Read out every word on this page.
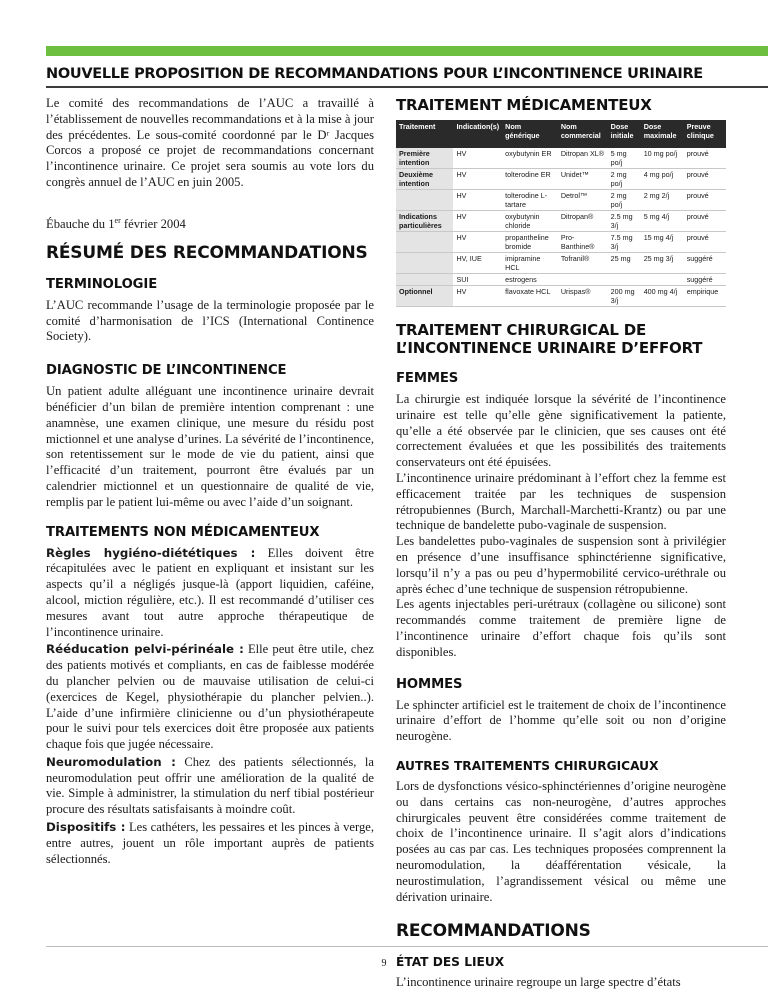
NOUVELLE PROPOSITION DE RECOMMANDATIONS POUR L’INCONTINENCE URINAIRE

Le comité des recommandations de l’AUC a travaillé à l’établissement de nouvelles recommandations et à la mise à jour des précédentes. Le sous-comité coordonné par le Dʳ Jacques Corcos a proposé ce projet de recommandations concernant l’incontinence urinaire. Ce projet sera soumis au vote lors du congrès annuel de l’AUC en juin 2005.

Ébauche du 1er février 2004

RÉSUMÉ DES RECOMMANDATIONS
TERMINOLOGIE

L’AUC recommande l’usage de la terminologie proposée par le comité d’harmonisation de l’ICS (International Continence Society).

DIAGNOSTIC DE L’INCONTINENCE

Un patient adulte alléguant une incontinence urinaire devrait bénéficier d’un bilan de première intention comprenant : une anamnèse, une examen clinique, une mesure du résidu post mictionnel et une analyse d’urines. La sévérité de l’incontinence, son retentissement sur le mode de vie du patient, ainsi que l’efficacité d’un traitement, pourront être évalués par un calendrier mictionnel et un questionnaire de qualité de vie, remplis par le patient lui-même ou avec l’aide d’un soignant.

TRAITEMENTS NON MÉDICAMENTEUX

Règles hygiéno-diététiques : Elles doivent être récapitulées avec le patient en expliquant et insistant sur les aspects qu’il a négligés jusque-là (apport liquidien, caféine, alcool, miction régulière, etc.). Il est recommandé d’utiliser ces mesures avant tout autre approche thérapeutique de l’incontinence urinaire.

Rééducation pelvi-périnéale : Elle peut être utile, chez des patients motivés et compliants, en cas de faiblesse modérée du plancher pelvien ou de mauvaise utilisation de celui-ci (exercices de Kegel, physiothérapie du plancher pelvien..). L’aide d’une infirmière clinicienne ou d’un physiothérapeute pour le suivi pour tels exercices doit être proposée aux patients chaque fois que jugée nécessaire.

Neuromodulation : Chez des patients sélectionnés, la neuromodulation peut offrir une amélioration de la qualité de vie. Simple à administrer, la stimulation du nerf tibial postérieur procure des résultats satisfaisants à moindre coût.

Dispositifs : Les cathéters, les pessaires et les pinces à verge, entre autres, jouent un rôle important auprès de patients sélectionnés.

TRAITEMENT MÉDICAMENTEUX
Traitement	Indication(s)	Nom générique	Nom commercial	Dose initiale	Dose maximale	Preuve clinique
Première intention	HV	oxybutynin ER	Ditropan XL®	5 mg po/j	10 mg po/j	prouvé
Deuxième intention	HV	tolterodine ER	Unidet™	2 mg po/j	4 mg po/j	prouvé
	HV	tolterodine L-tartare	Detrol™	2 mg po/j	2 mg 2/j	prouvé
Indications particulières	HV	oxybutynin chloride	Ditropan®	2.5 mg 3/j	5 mg 4/j	prouvé
	HV	propantheline bromide	Pro-Banthine®	7.5 mg 3/j	15 mg 4/j	prouvé
	HV, IUE	imipramine HCL	Tofranil®	25 mg	25 mg 3/j	suggéré
	SUI	estrogens				suggéré
Optionnel	HV	flavoxate HCL	Urispas®	200 mg 3/j	400 mg 4/j	empirique
TRAITEMENT CHIRURGICAL DE L’INCONTINENCE URINAIRE D’EFFORT
FEMMES

La chirurgie est indiquée lorsque la sévérité de l’incontinence urinaire est telle qu’elle gène significativement la patiente, qu’elle a été observée par le clinicien, que ses causes ont été correctement évaluées et que les possibilités des traitements conservateurs ont été épuisées.

L’incontinence urinaire prédominant à l’effort chez la femme est efficacement traitée par les techniques de suspension rétropubiennes (Burch, Marchall-Marchetti-Krantz) ou par une technique de bandelette pubo-vaginale de suspension.

Les bandelettes pubo-vaginales de suspension sont à privilégier en présence d’une insuffisance sphinctérienne significative, lorsqu’il n’y a pas ou peu d’hypermobilité cervico-uréthrale ou après échec d’une technique de suspension rétropubienne.

Les agents injectables peri-urétraux (collagène ou silicone) sont recommandés comme traitement de première ligne de l’incontinence urinaire d’effort chaque fois qu’ils sont disponibles.

HOMMES

Le sphincter artificiel est le traitement de choix de l’incontinence urinaire d’effort de l’homme qu’elle soit ou non d’origine neurogène.

AUTRES TRAITEMENTS CHIRURGICAUX

Lors de dysfonctions vésico-sphinctériennes d’origine neurogène ou dans certains cas non-neurogène, d’autres approches chirurgicales peuvent être considérées comme traitement de choix de l’incontinence urinaire. Il s’agit alors d’indications posées au cas par cas. Les techniques proposées comprennent la neuromodulation, la déafférentation vésicale, la neurostimulation, l’agrandissement vésical ou même une dérivation urinaire.

RECOMMANDATIONS
ÉTAT DES LIEUX

L’incontinence urinaire regroupe un large spectre d’états

9
